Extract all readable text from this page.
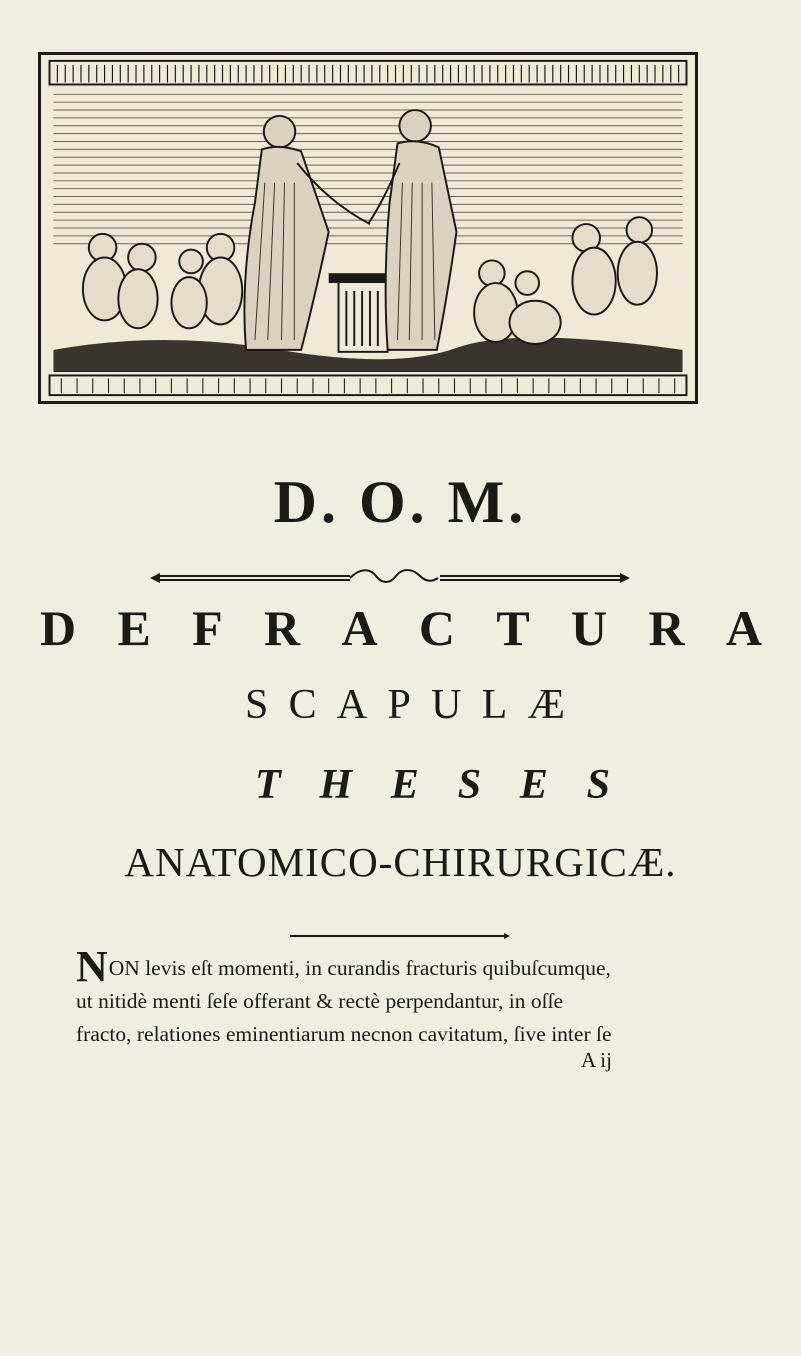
D. O. M.
D E F R A C T U R A
S C A P U L Æ
T H E S E S
ANATOMICO-CHIRURGICÆ.
NON levis eſt momenti, in curandis fracturis quibuſcumque,
ut nitidè menti ſeſe offerant & rectè perpendantur, in oſſe
fracto, relationes eminentiarum necnon cavitatum, ſive inter ſe
A ij
